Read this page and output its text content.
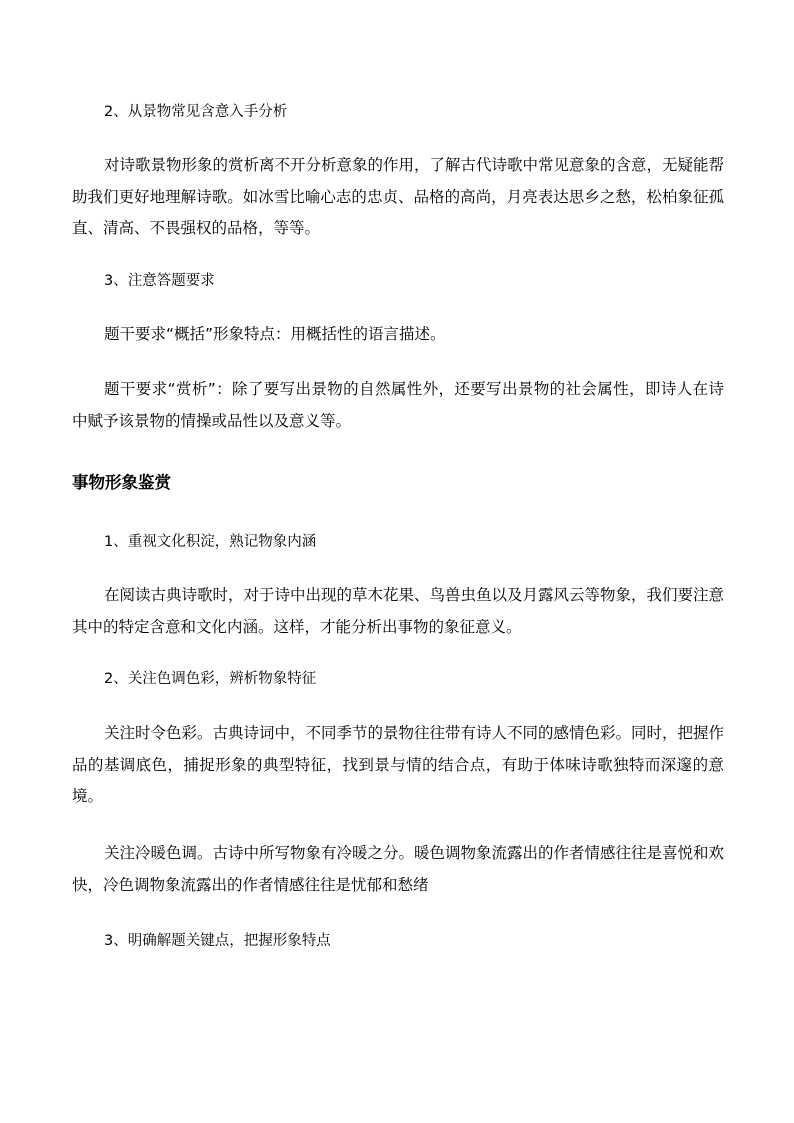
2、从景物常见含意入手分析

对诗歌景物形象的赏析离不开分析意象的作用，了解古代诗歌中常见意象的含意，无疑能帮助我们更好地理解诗歌。如冰雪比喻心志的忠贞、品格的高尚，月亮表达思乡之愁，松柏象征孤直、清高、不畏强权的品格，等等。

3、注意答题要求

题干要求“概括”形象特点：用概括性的语言描述。

题干要求“赏析”：除了要写出景物的自然属性外，还要写出景物的社会属性，即诗人在诗中赋予该景物的情操或品性以及意义等。

事物形象鉴赏
1、重视文化积淀，熟记物象内涵

在阅读古典诗歌时，对于诗中出现的草木花果、鸟兽虫鱼以及月露风云等物象，我们要注意其中的特定含意和文化内涵。这样，才能分析出事物的象征意义。

2、关注色调色彩，辨析物象特征

关注时令色彩。古典诗词中，不同季节的景物往往带有诗人不同的感情色彩。同时，把握作品的基调底色，捕捉形象的典型特征，找到景与情的结合点，有助于体味诗歌独特而深邃的意境。

关注冷暖色调。古诗中所写物象有冷暖之分。暖色调物象流露出的作者情感往往是喜悦和欢快，冷色调物象流露出的作者情感往往是忧郁和愁绪

3、明确解题关键点，把握形象特点
